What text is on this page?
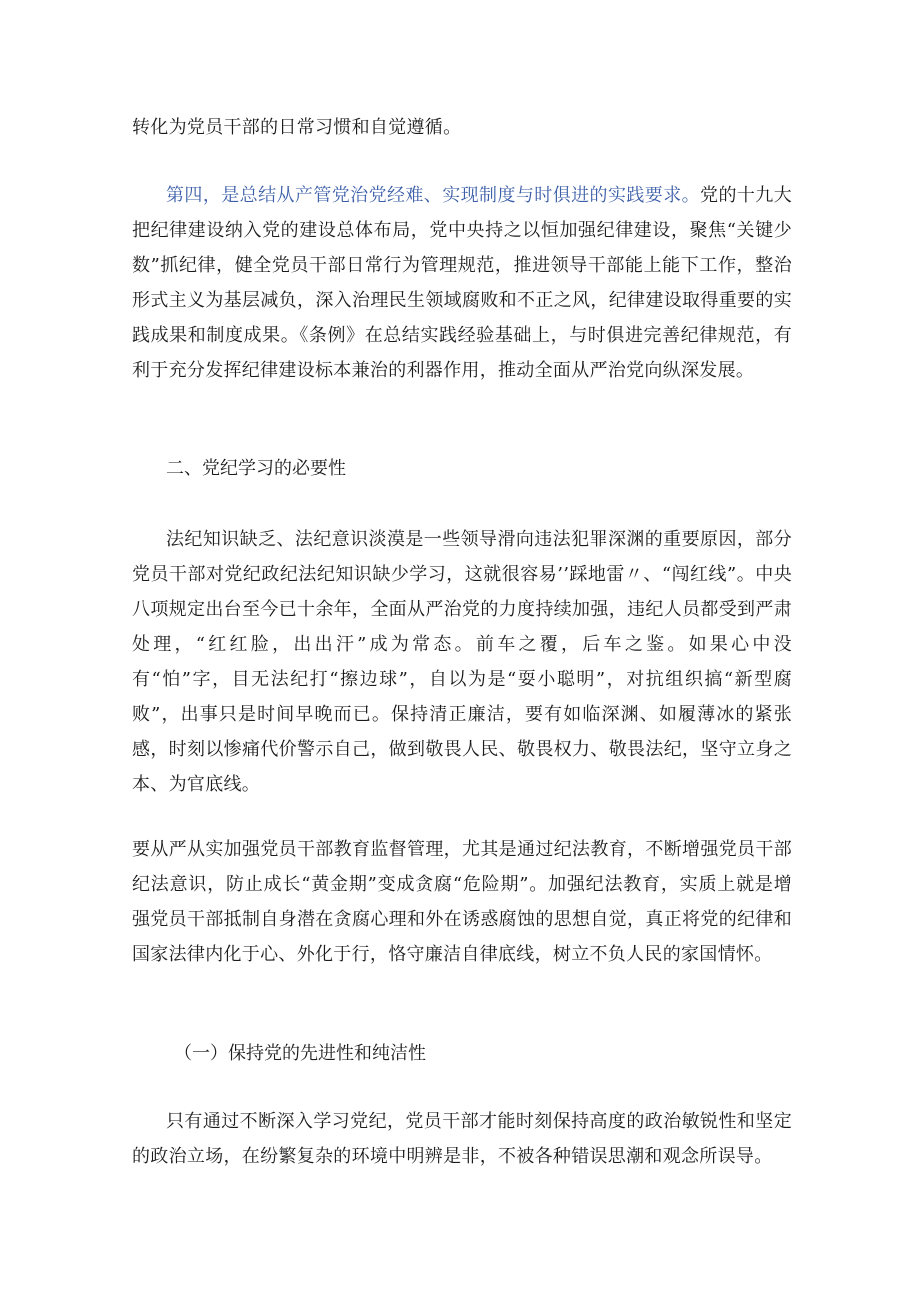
转化为党员干部的日常习惯和自觉遵循。

第四，是总结从产管党治党经难、实现制度与时俱进的实践要求。党的十九大把纪律建设纳入党的建设总体布局，党中央持之以恒加强纪律建设，聚焦“关键少数”抓纪律，健全党员干部日常行为管理规范，推进领导干部能上能下工作，整治形式主义为基层减负，深入治理民生领域腐败和不正之风，纪律建设取得重要的实践成果和制度成果。《条例》在总结实践经验基础上，与时俱进完善纪律规范，有利于充分发挥纪律建设标本兼治的利器作用，推动全面从严治党向纵深发展。

二、党纪学习的必要性

法纪知识缺乏、法纪意识淡漠是一些领导滑向违法犯罪深渊的重要原因，部分党员干部对党纪政纪法纪知识缺少学习，这就很容易’’踩地雷〃、“闯红线”。中央八项规定出台至今已十余年，全面从严治党的力度持续加强，违纪人员都受到严肃处理，“红红脸，出出汗”成为常态。前车之覆，后车之鉴。如果心中没有“怕”字，目无法纪打“擦边球”，自以为是“耍小聪明”，对抗组织搞“新型腐败”，出事只是时间早晚而已。保持清正廉洁，要有如临深渊、如履薄冰的紧张感，时刻以惨痛代价警示自己，做到敬畏人民、敬畏权力、敬畏法纪，坚守立身之本、为官底线。

要从严从实加强党员干部教育监督管理，尤其是通过纪法教育，不断增强党员干部纪法意识，防止成长“黄金期”变成贪腐“危险期”。加强纪法教育，实质上就是增强党员干部抵制自身潜在贪腐心理和外在诱惑腐蚀的思想自觉，真正将党的纪律和国家法律内化于心、外化于行，恪守廉洁自律底线，树立不负人民的家国情怀。

（一）保持党的先进性和纯洁性

只有通过不断深入学习党纪，党员干部才能时刻保持高度的政治敏锐性和坚定的政治立场，在纷繁复杂的环境中明辨是非，不被各种错误思潮和观念所误导。
